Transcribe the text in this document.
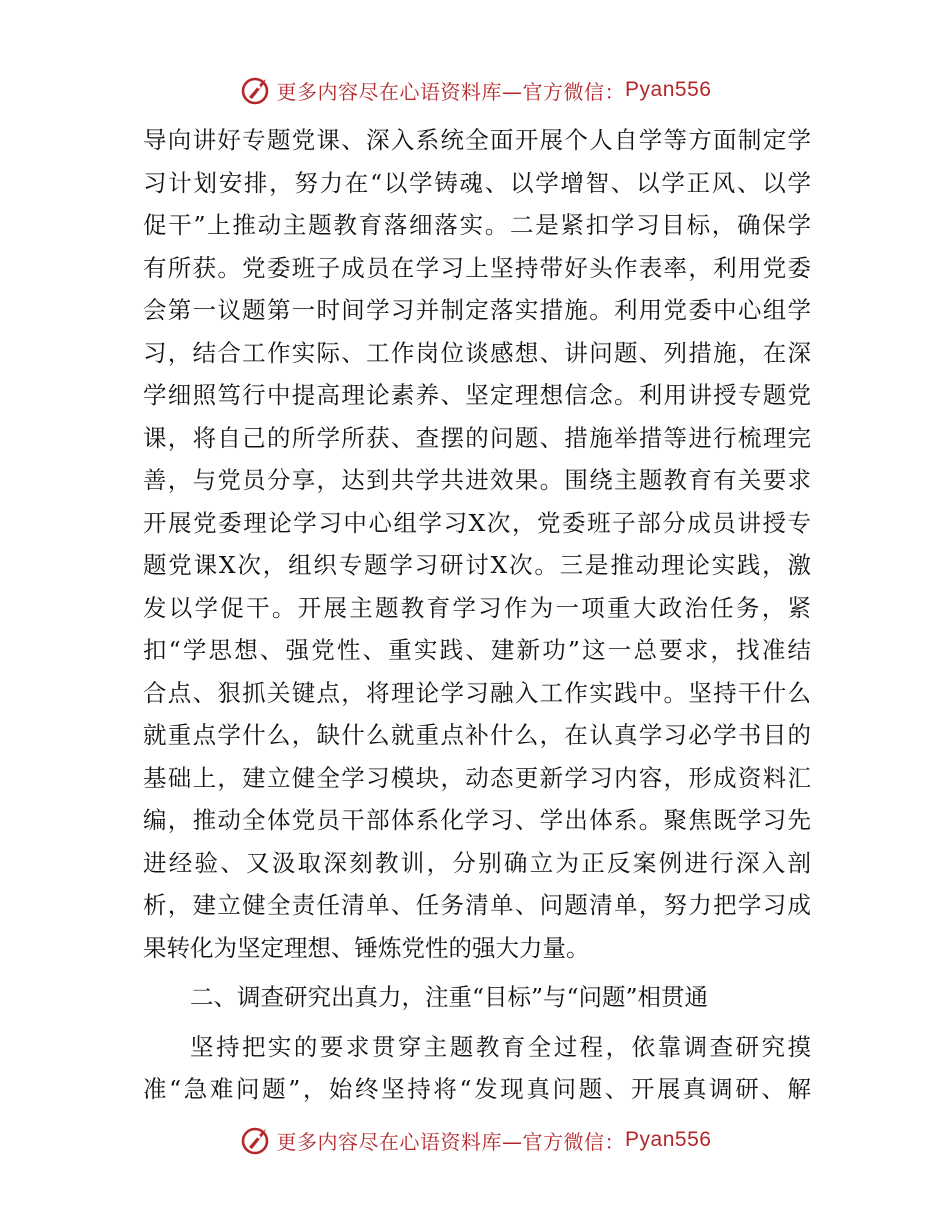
更多内容尽在心语资料库—官方微信： Pyan556
导向讲好专题党课、深入系统全面开展个人自学等方面制定学
习计划安排，努力在“以学铸魂、以学增智、以学正风、以学
促干”上推动主题教育落细落实。二是紧扣学习目标，确保学
有所获。党委班子成员在学习上坚持带好头作表率，利用党委
会第一议题第一时间学习并制定落实措施。利用党委中心组学
习，结合工作实际、工作岗位谈感想、讲问题、列措施，在深
学细照笃行中提高理论素养、坚定理想信念。利用讲授专题党
课，将自己的所学所获、查摆的问题、措施举措等进行梳理完
善，与党员分享，达到共学共进效果。围绕主题教育有关要求
开展党委理论学习中心组学习X次，党委班子部分成员讲授专
题党课X次，组织专题学习研讨X次。三是推动理论实践，激
发以学促干。开展主题教育学习作为一项重大政治任务，紧
扣“学思想、强党性、重实践、建新功”这一总要求，找准结
合点、狠抓关键点，将理论学习融入工作实践中。坚持干什么
就重点学什么，缺什么就重点补什么，在认真学习必学书目的
基础上，建立健全学习模块，动态更新学习内容，形成资料汇
编，推动全体党员干部体系化学习、学出体系。聚焦既学习先
进经验、又汲取深刻教训，分别确立为正反案例进行深入剖
析，建立健全责任清单、任务清单、问题清单，努力把学习成
果转化为坚定理想、锤炼党性的强大力量。
二、调查研究出真力，注重“目标”与“问题”相贯通
坚持把实的要求贯穿主题教育全过程，依靠调查研究摸
准“急难问题”，始终坚持将“发现真问题、开展真调研、解
更多内容尽在心语资料库—官方微信： Pyan556
